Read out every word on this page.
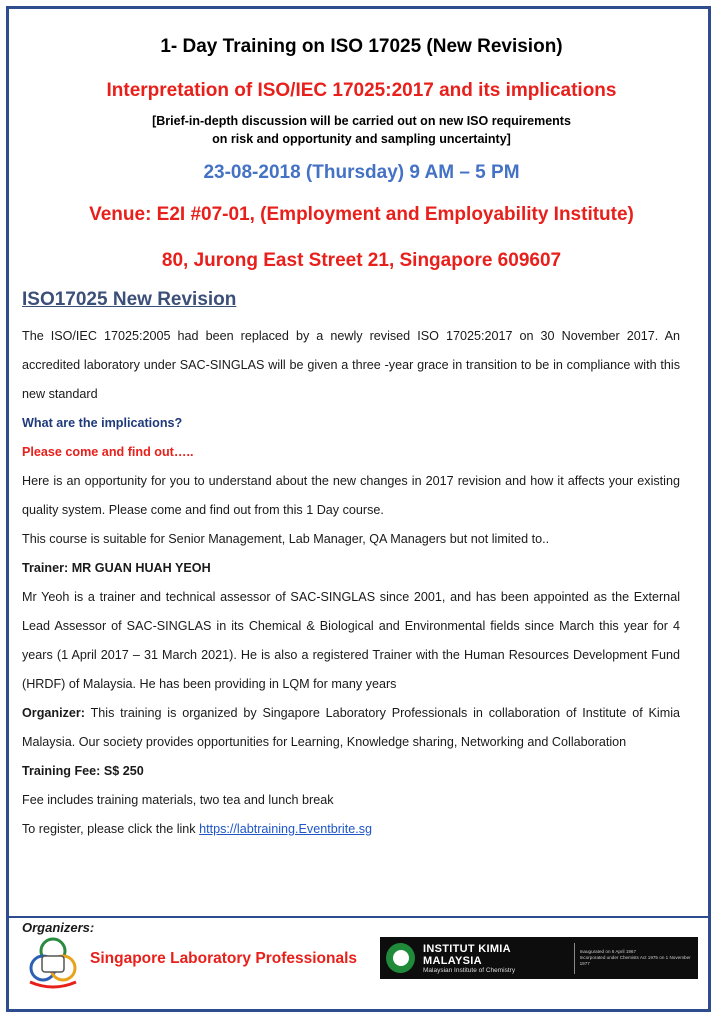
1- Day Training on ISO 17025 (New Revision)
Interpretation of ISO/IEC 17025:2017 and its implications
[Brief-in-depth discussion will be carried out on new ISO requirements
on risk and opportunity and sampling uncertainty]
23-08-2018 (Thursday) 9 AM – 5 PM
Venue: E2I #07-01, (Employment and Employability Institute)
80, Jurong East Street 21, Singapore 609607
ISO17025 New Revision

The ISO/IEC 17025:2005 had been replaced by a newly revised ISO 17025:2017 on 30 November 2017. An accredited laboratory under SAC-SINGLAS will be given a three -year grace in transition to be in compliance with this new standard

What are the implications?

Please come and find out…..

Here is an opportunity for you to understand about the new changes in 2017 revision and how it affects your existing quality system. Please come and find out from this 1 Day course.

This course is suitable for Senior Management, Lab Manager, QA Managers but not limited to..

Trainer: MR GUAN HUAH YEOH

Mr Yeoh is a trainer and technical assessor of SAC-SINGLAS since 2001, and has been appointed as the External Lead Assessor of SAC-SINGLAS in its Chemical & Biological and Environmental fields since March this year for 4 years (1 April 2017 – 31 March 2021). He is also a registered Trainer with the Human Resources Development Fund (HRDF) of Malaysia. He has been providing in LQM for many years

Organizer: This training is organized by Singapore Laboratory Professionals in collaboration of Institute of Kimia Malaysia. Our society provides opportunities for Learning, Knowledge sharing, Networking and Collaboration

Training Fee: S$ 250

Fee includes training materials, two tea and lunch break

To register, please click the link https://labtraining.Eventbrite.sg

Organizers:
Singapore Laboratory Professionals
INSTITUT KIMIA MALAYSIA
Malaysian Institute of Chemistry
Inaugurated on 6 April 1967
Incorporated under Chemists Act 1975 on 1 November 1977
